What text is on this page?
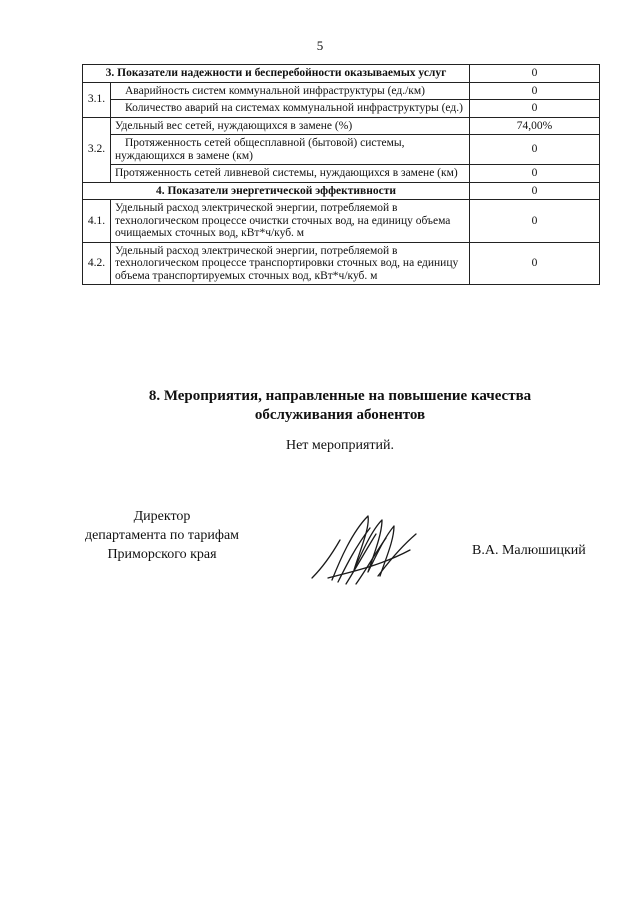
5
3. Показатели надежности и бесперебойности оказываемых услуг		0
3.1.	Аварийность систем коммунальной инфраструктуры (ед./км)	0
	Количество аварий на системах коммунальной инфраструктуры (ед.)	0
3.2.	Удельный вес сетей, нуждающихся в замене (%)	74,00%
	Протяженность сетей общесплавной (бытовой) системы, нуждающихся в замене (км)	0
	Протяженность сетей ливневой системы, нуждающихся в замене (км)	0
4. Показатели энергетической эффективности		0
4.1.	Удельный расход электрической энергии, потребляемой в технологическом процессе очистки сточных вод, на единицу объема очищаемых сточных вод, кВт*ч/куб. м	0
4.2.	Удельный расход электрической энергии, потребляемой в технологическом процессе транспортировки сточных вод, на единицу объема транспортируемых сточных вод, кВт*ч/куб. м	0
8. Мероприятия, направленные на повышение качества
обслуживания абонентов
Нет мероприятий.
Директор
департамента по тарифам
Приморского края	В.А. Малюшицкий
